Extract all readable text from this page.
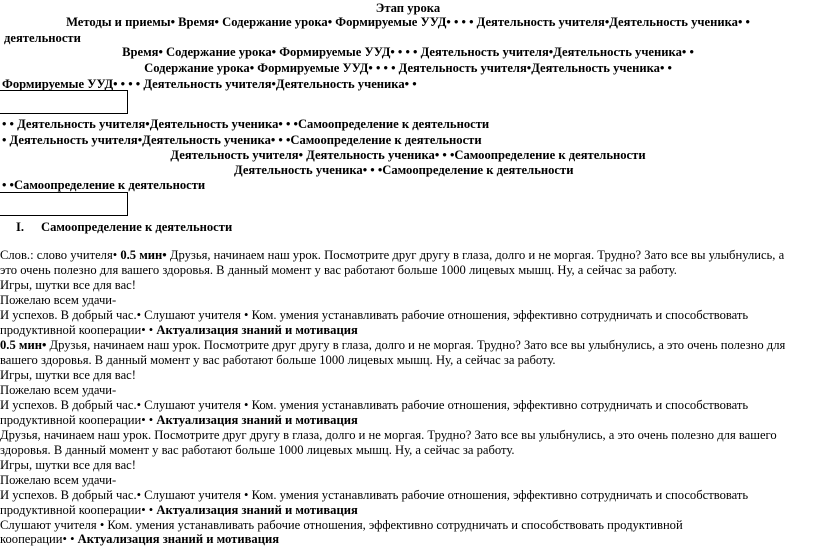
Этап урока
Методы и приемы• Время• Содержание урока• Формируемые УУД• • • • Деятельность учителя•Деятельность ученика• •
деятельности
Время• Содержание урока• Формируемые УУД• • • • Деятельность учителя•Деятельность ученика• •
Содержание урока• Формируемые УУД• • • • Деятельность учителя•Деятельность ученика• •
Формируемые УУД• • • • Деятельность учителя•Деятельность ученика• •
• • Деятельность учителя•Деятельность ученика• • •Самоопределение к деятельности
• Деятельность учителя•Деятельность ученика• • •Самоопределение к деятельности
Деятельность учителя• Деятельность ученика• • •Самоопределение к деятельности
Деятельность ученика• • •Самоопределение к деятельности
• •Самоопределение к деятельности
I. Самоопределение к деятельности
Слов.: слово учителя• 0.5 мин• Друзья, начинаем наш урок. Посмотрите друг другу в глаза, долго и не моргая. Трудно? Зато все вы улыбнулись, а
это очень полезно для вашего здоровья. В данный момент у вас работают больше 1000 лицевых мышц. Ну, а сейчас за работу.
Игры, шутки все для вас!
Пожелаю всем удачи-
И успехов. В добрый час.• Слушают учителя • Ком. умения устанавливать рабочие отношения, эффективно сотрудничать и способствовать
продуктивной кооперации• • Актуализация знаний и мотивация
0.5 мин• Друзья, начинаем наш урок. Посмотрите друг другу в глаза, долго и не моргая. Трудно? Зато все вы улыбнулись, а это очень полезно для
вашего здоровья. В данный момент у вас работают больше 1000 лицевых мышц. Ну, а сейчас за работу.
Игры, шутки все для вас!
Пожелаю всем удачи-
И успехов. В добрый час.• Слушают учителя • Ком. умения устанавливать рабочие отношения, эффективно сотрудничать и способствовать
продуктивной кооперации• • Актуализация знаний и мотивация
Друзья, начинаем наш урок. Посмотрите друг другу в глаза, долго и не моргая. Трудно? Зато все вы улыбнулись, а это очень полезно для вашего
здоровья. В данный момент у вас работают больше 1000 лицевых мышц. Ну, а сейчас за работу.
Игры, шутки все для вас!
Пожелаю всем удачи-
И успехов. В добрый час.• Слушают учителя • Ком. умения устанавливать рабочие отношения, эффективно сотрудничать и способствовать
продуктивной кооперации• • Актуализация знаний и мотивация
Слушают учителя • Ком. умения устанавливать рабочие отношения, эффективно сотрудничать и способствовать продуктивной
кооперации• • Актуализация знаний и мотивация
